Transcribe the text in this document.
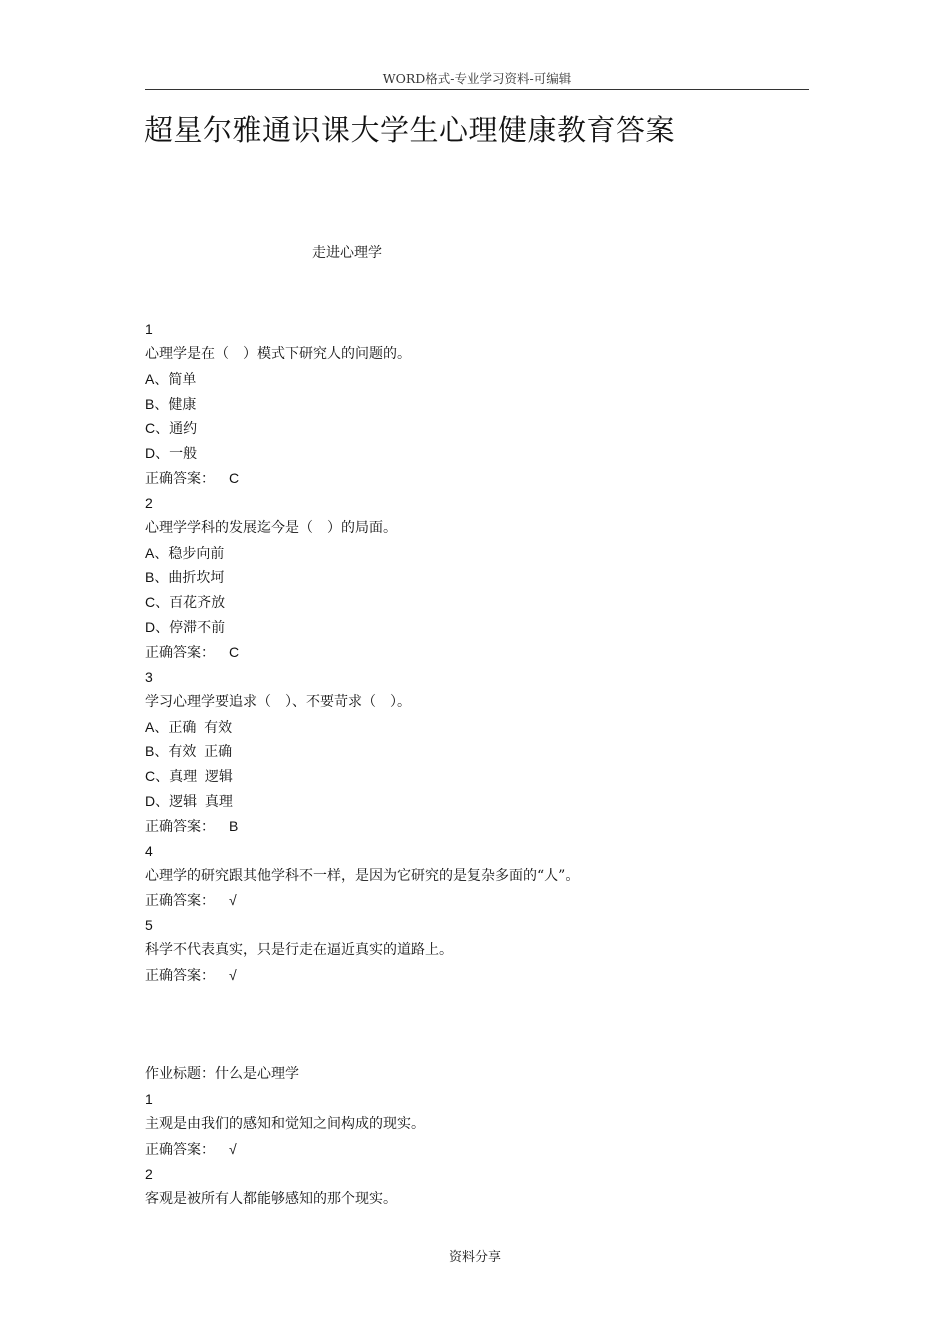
WORD格式-专业学习资料-可编辑
超星尔雅通识课大学生心理健康教育答案
走进心理学
1
心理学是在（　）模式下研究人的问题的。
A、简单
B、健康
C、通约
D、一般
正确答案： C
2
心理学学科的发展迄今是（　）的局面。
A、稳步向前
B、曲折坎坷
C、百花齐放
D、停滞不前
正确答案： C
3
学习心理学要追求（　）、不要苛求（　）。
A、正确  有效
B、有效  正确
C、真理  逻辑
D、逻辑  真理
正确答案： B
4
心理学的研究跟其他学科不一样，是因为它研究的是复杂多面的“人”。
正确答案： √
5
科学不代表真实，只是行走在逼近真实的道路上。
正确答案： √
作业标题：什么是心理学
1
主观是由我们的感知和觉知之间构成的现实。
正确答案： √
2
客观是被所有人都能够感知的那个现实。
资料分享
